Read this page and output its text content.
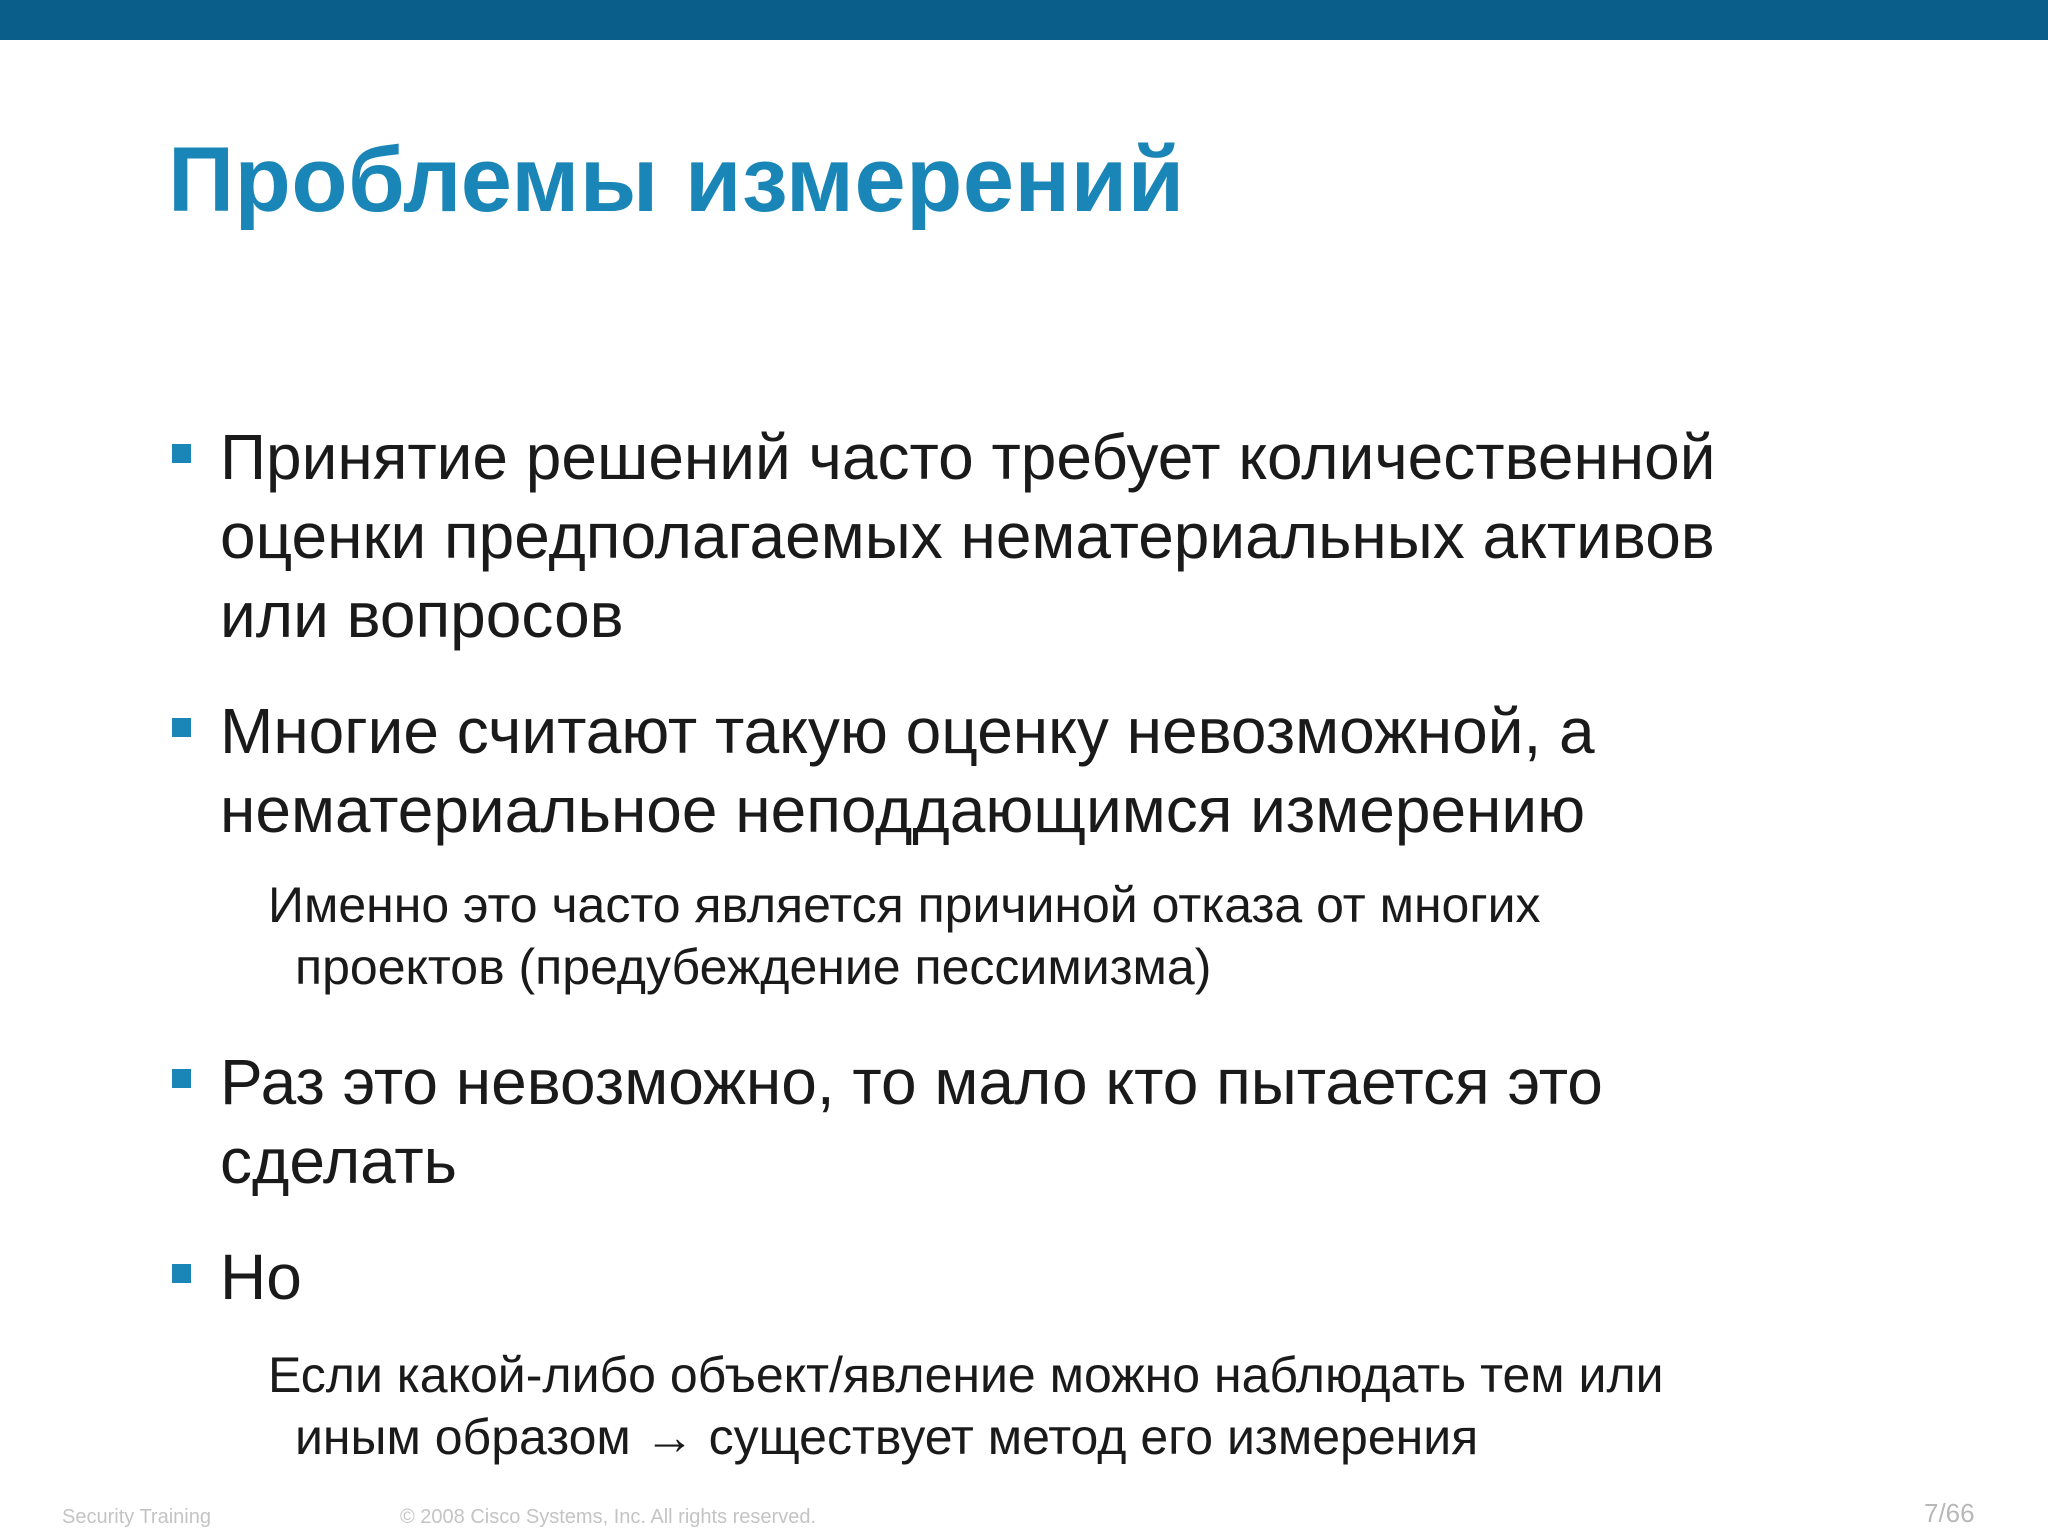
Проблемы измерений
Принятие решений часто требует количественной
оценки предполагаемых нематериальных активов
или вопросов
Многие считают такую оценку невозможной, а
нематериальное неподдающимся измерению
Именно это часто является причиной отказа от многих
проектов (предубеждение пессимизма)
Раз это невозможно, то мало кто пытается это
сделать
Но
Если какой-либо объект/явление можно наблюдать тем или
иным образом → существует метод его измерения
Security Training	© 2008 Cisco Systems, Inc. All rights reserved.	7/66
